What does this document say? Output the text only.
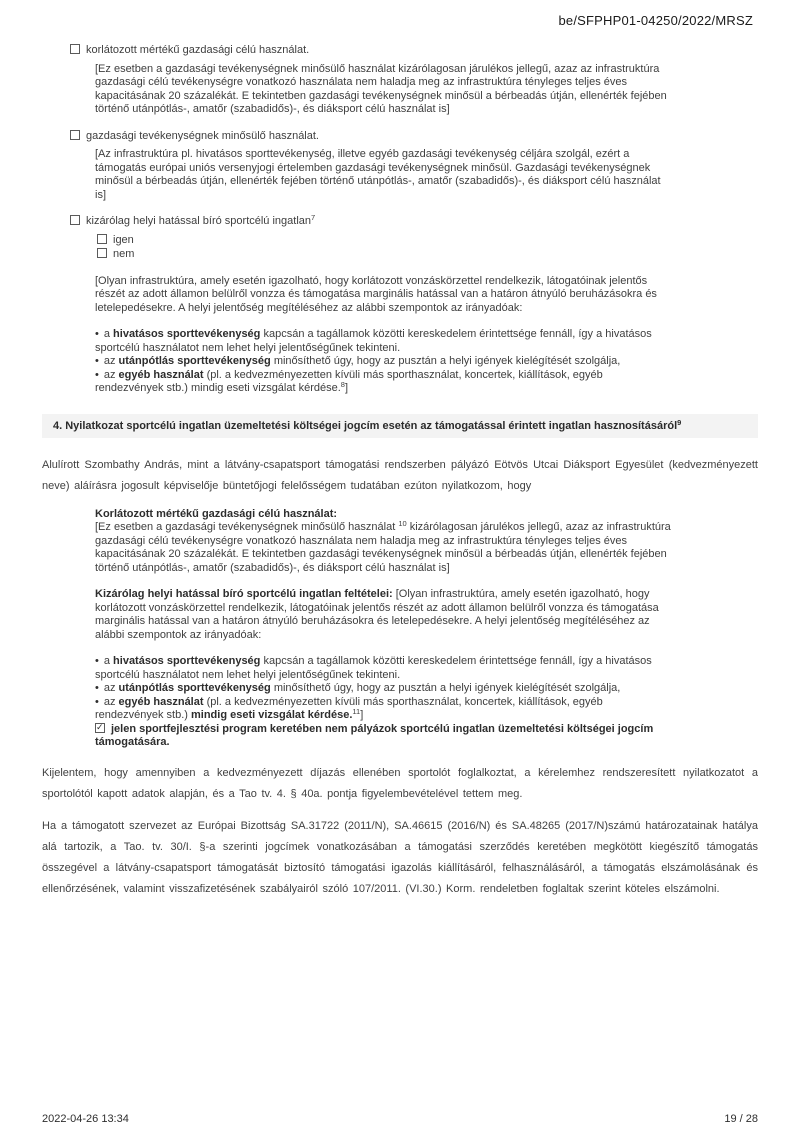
be/SFPHP01-04250/2022/MRSZ
korlátozott mértékű gazdasági célú használat.
[Ez esetben a gazdasági tevékenységnek minősülő használat kizárólagosan járulékos jellegű, azaz az infrastruktúra gazdasági célú tevékenységre vonatkozó használata nem haladja meg az infrastruktúra tényleges teljes éves kapacitásának 20 százalékát. E tekintetben gazdasági tevékenységnek minősül a bérbeadás útján, ellenérték fejében történő utánpótlás-, amatőr (szabadidős)-, és diáksport célú használat is]
gazdasági tevékenységnek minősülő használat.
[Az infrastruktúra pl. hivatásos sporttevékenység, illetve egyéb gazdasági tevékenység céljára szolgál, ezért a támogatás európai uniós versenyjogi értelemben gazdasági tevékenységnek minősül. Gazdasági tevékenységnek minősül a bérbeadás útján, ellenérték fejében történő utánpótlás-, amatőr (szabadidős)-, és diáksport célú használat is]
kizárólag helyi hatással bíró sportcélú ingatlan$^7$
igen
nem
[Olyan infrastruktúra, amely esetén igazolható, hogy korlátozott vonzáskörzettel rendelkezik, látogatóinak jelentős részét az adott államon belülről vonzza és támogatása marginális hatással van a határon átnyúló beruházásokra és letelepedésekre. A helyi jelentőség megítéléséhez az alábbi szempontok az irányadóak:
• a hivatásos sporttevékenység kapcsán a tagállamok közötti kereskedelem érintettsége fennáll, így a hivatásos sportcélú használatot nem lehet helyi jelentőségűnek tekinteni.
• az utánpótlás sporttevékenység minősíthető úgy, hogy az pusztán a helyi igények kielégítését szolgálja,
• az egyéb használat (pl. a kedvezményezetten kívüli más sporthasználat, koncertek, kiállítások, egyéb rendezvények stb.) mindig eseti vizsgálat kérdése.$^8$]
4. Nyilatkozat sportcélú ingatlan üzemeltetési költségei jogcím esetén az támogatással érintett ingatlan hasznosításáról$^9$

Alulírott Szombathy András, mint a látvány-csapatsport támogatási rendszerben pályázó Eötvös Utcai Diáksport Egyesület (kedvezményezett neve) aláírásra jogosult képviselője büntetőjogi felelősségem tudatában ezúton nyilatkozom, hogy

Korlátozott mértékű gazdasági célú használat:
[Ez esetben a gazdasági tevékenységnek minősülő használat $^{10}$ kizárólagosan járulékos jellegű, azaz az infrastruktúra gazdasági célú tevékenységre vonatkozó használata nem haladja meg az infrastruktúra tényleges teljes éves kapacitásának 20 százalékát. E tekintetben gazdasági tevékenységnek minősül a bérbeadás útján, ellenérték fejében történő utánpótlás-, amatőr (szabadidős)-, és diáksport célú használat is]
Kizárólag helyi hatással bíró sportcélú ingatlan feltételei: [Olyan infrastruktúra, amely esetén igazolható, hogy korlátozott vonzáskörzettel rendelkezik, látogatóinak jelentős részét az adott államon belülről vonzza és támogatása marginális hatással van a határon átnyúló beruházásokra és letelepedésekre. A helyi jelentőség megítéléséhez az alábbi szempontok az irányadóak:
• a hivatásos sporttevékenység kapcsán a tagállamok közötti kereskedelem érintettsége fennáll, így a hivatásos sportcélú használatot nem lehet helyi jelentőségűnek tekinteni.
• az utánpótlás sporttevékenység minősíthető úgy, hogy az pusztán a helyi igények kielégítését szolgálja,
• az egyéb használat (pl. a kedvezményezetten kívüli más sporthasználat, koncertek, kiállítások, egyéb rendezvények stb.) mindig eseti vizsgálat kérdése.$^{11}$]
✓jelen sportfejlesztési program keretében nem pályázok sportcélú ingatlan üzemeltetési költségei jogcím támogatására.

Kijelentem, hogy amennyiben a kedvezményezett díjazás ellenében sportolót foglalkoztat, a kérelemhez rendszeresített nyilatkozatot a sportolótól kapott adatok alapján, és a Tao tv. 4. § 40a. pontja figyelembevételével tettem meg.

Ha a támogatott szervezet az Európai Bizottság SA.31722 (2011/N), SA.46615 (2016/N) és SA.48265 (2017/N)számú határozatainak hatálya alá tartozik, a Tao. tv. 30/I. §-a szerinti jogcímek vonatkozásában a támogatási szerződés keretében megkötött kiegészítő támogatás összegével a látvány-csapatsport támogatását biztosító támogatási igazolás kiállításáról, felhasználásáról, a támogatás elszámolásának és ellenőrzésének, valamint visszafizetésének szabályairól szóló 107/2011. (VI.30.) Korm. rendeletben foglaltak szerint köteles elszámolni.

2022-04-26 13:34	19 / 28
